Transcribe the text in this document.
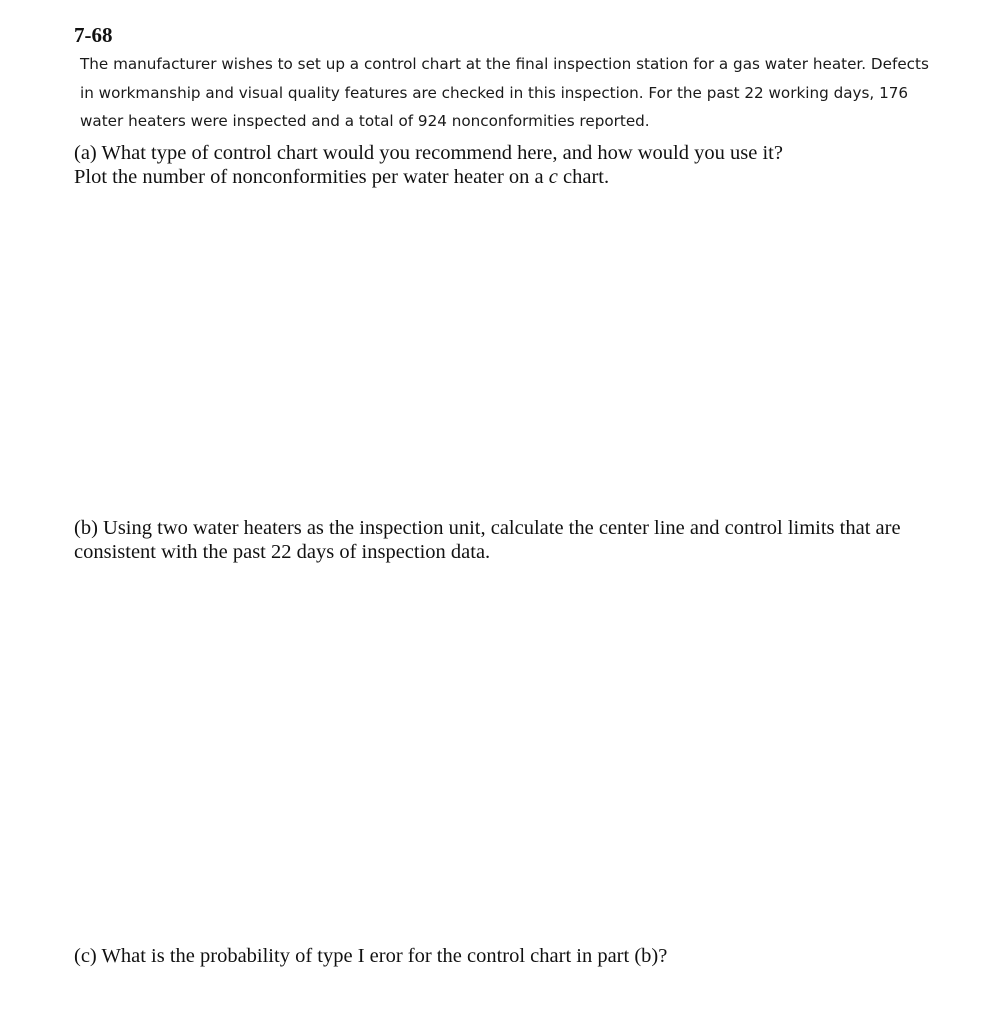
7-68
The manufacturer wishes to set up a control chart at the final inspection station for a gas water heater. Defects
in workmanship and visual quality features are checked in this inspection. For the past 22 working days, 176
water heaters were inspected and a total of 924 nonconformities reported.
(a) What type of control chart would you recommend here, and how would you use it?
Plot the number of nonconformities per water heater on a c chart.
(b) Using two water heaters as the inspection unit, calculate the center line and control limits that are
consistent with the past 22 days of inspection data.
(c) What is the probability of type I eror for the control chart in part (b)?
